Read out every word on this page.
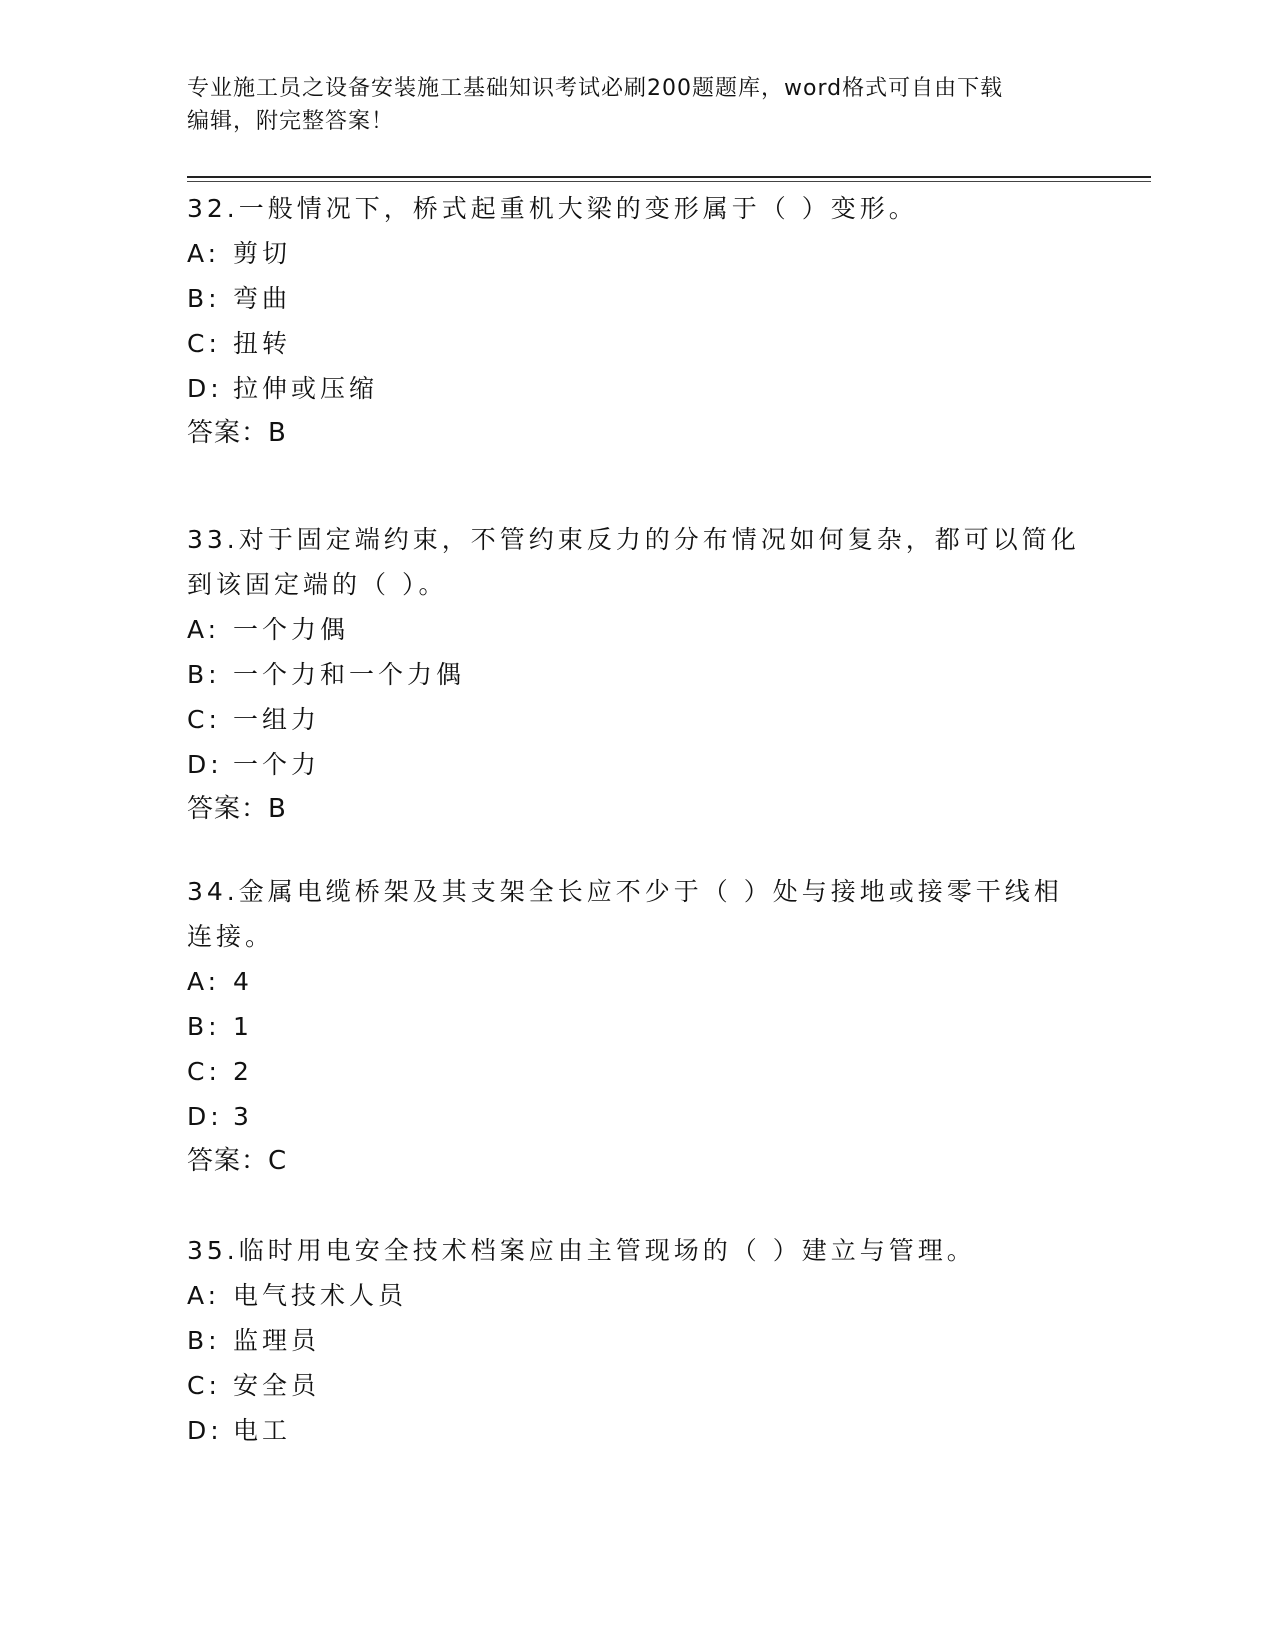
专业施工员之设备安装施工基础知识考试必刷200题题库，word格式可自由下载
编辑，附完整答案！

32.一般情况下，桥式起重机大梁的变形属于（ ）变形。

A: 剪切

B: 弯曲

C: 扭转

D: 拉伸或压缩

答案：B

33.对于固定端约束，不管约束反力的分布情况如何复杂，都可以简化

到该固定端的（ ）。

A: 一个力偶

B: 一个力和一个力偶

C: 一组力

D: 一个力

答案：B

34.金属电缆桥架及其支架全长应不少于（ ）处与接地或接零干线相

连接。

A: 4

B: 1

C: 2

D: 3

答案：C

35.临时用电安全技术档案应由主管现场的（ ）建立与管理。

A: 电气技术人员

B: 监理员

C: 安全员

D: 电工
